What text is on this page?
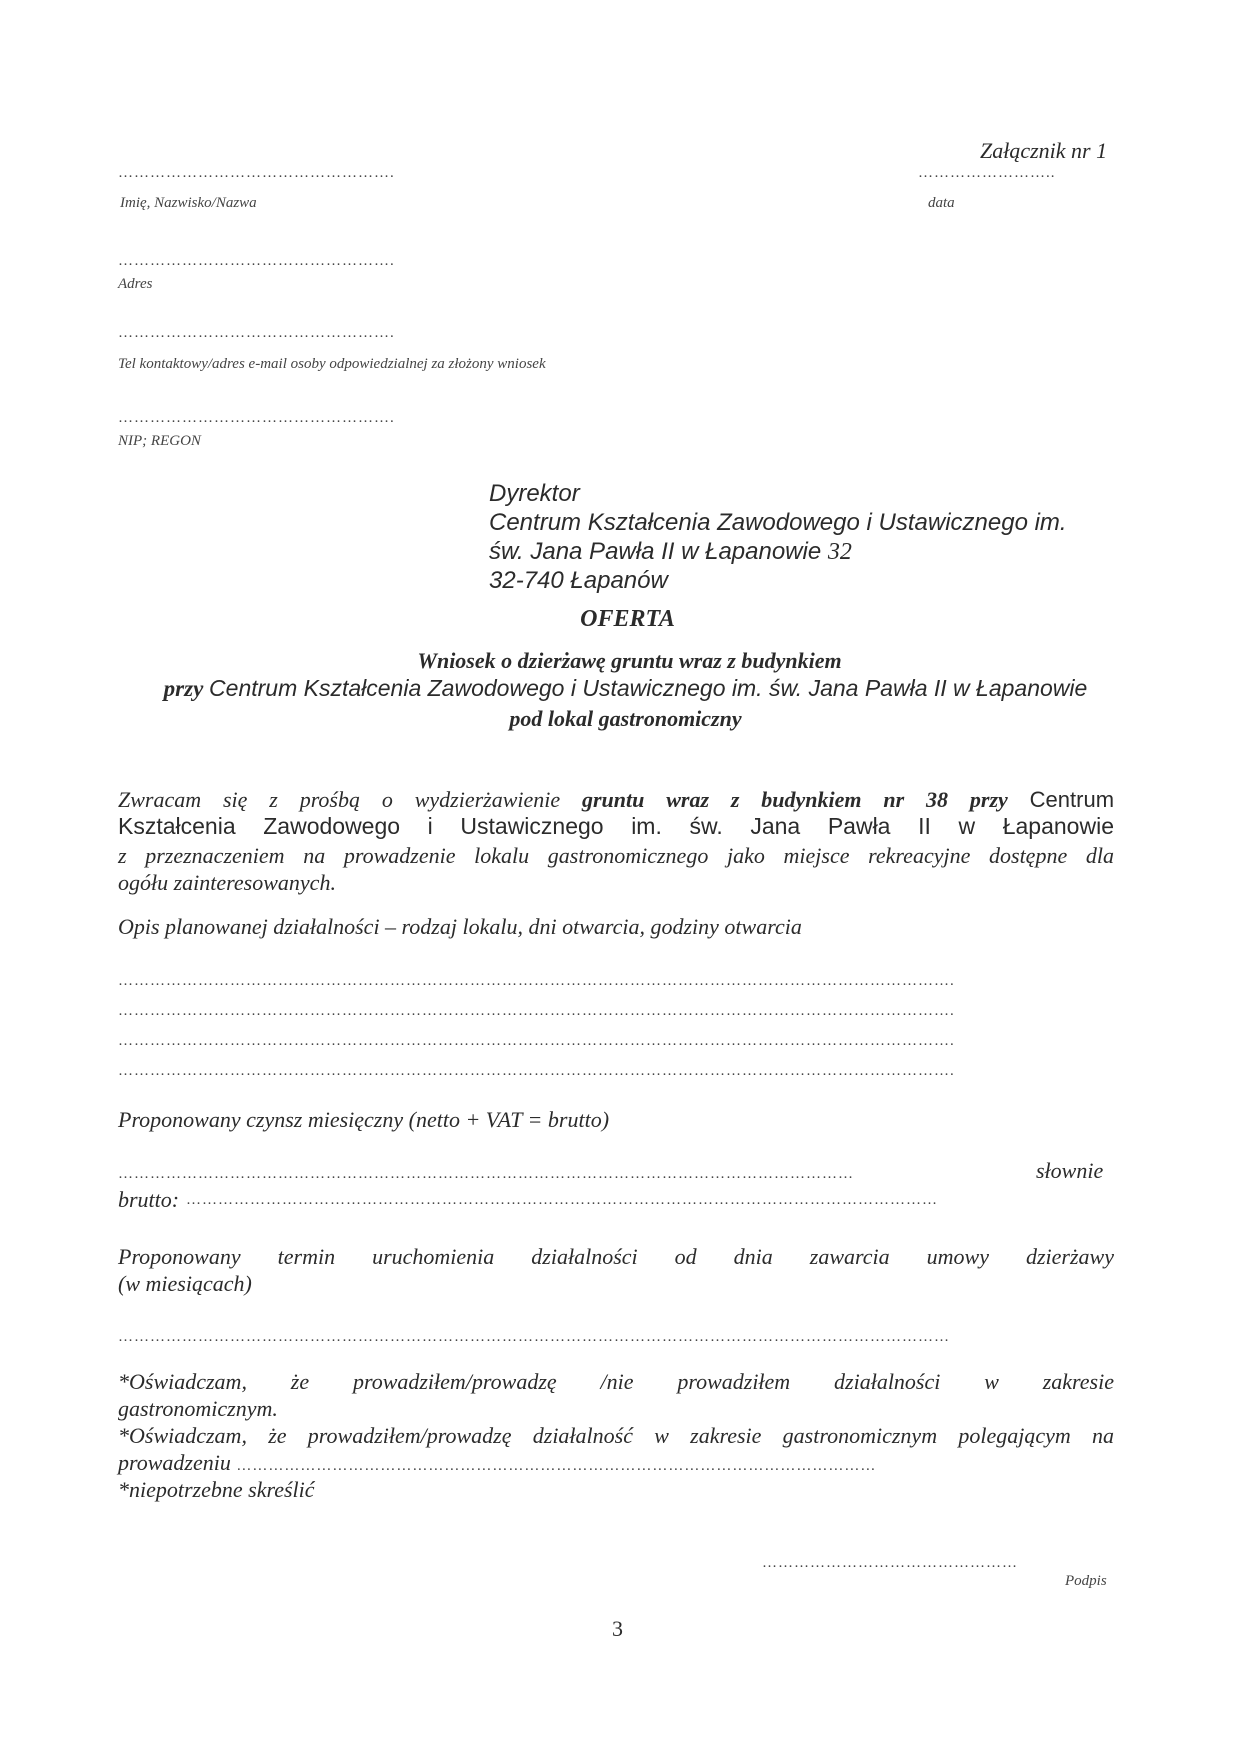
Załącznik nr 1
…………………………………………….
Imię, Nazwisko/Nazwa
……………………..
data
…………………………………………….
Adres
…………………………………………….
Tel kontaktowy/adres e-mail osoby odpowiedzialnej za złożony wniosek
…………………………………………….
NIP; REGON
Dyrektor
Centrum Kształcenia Zawodowego i Ustawicznego im.
św. Jana Pawła II w Łapanowie 32
32-740 Łapanów
OFERTA
Wniosek o dzierżawę gruntu wraz z budynkiem
przy Centrum Kształcenia Zawodowego i Ustawicznego im. św. Jana Pawła II w Łapanowie
pod lokal gastronomiczny
Zwracam się z prośbą o wydzierżawienie gruntu wraz z budynkiem nr 38 przy Centrum
Kształcenia Zawodowego i Ustawicznego im. św. Jana Pawła II w Łapanowie
z przeznaczeniem na prowadzenie lokalu gastronomicznego jako miejsce rekreacyjne dostępne dla
ogółu zainteresowanych.
Opis planowanej działalności – rodzaj lokalu, dni otwarcia, godziny otwarcia
………………………………………………………………………………………………………………………………………….
………………………………………………………………………………………………………………………………………….
………………………………………………………………………………………………………………………………………….
………………………………………………………………………………………………………………………………………….
Proponowany czynsz miesięczny (netto + VAT = brutto)
…………………………………………………………………………………………………………………………	słownie
brutto: ……………………………………………………………………………………………………………………………
Proponowany termin uruchomienia działalności od dnia zawarcia umowy dzierżawy
(w miesiącach)
…………………………………………………………………………………………………………………………………………
*Oświadczam, że prowadziłem/prowadzę /nie prowadziłem działalności w zakresie
gastronomicznym.
*Oświadczam, że prowadziłem/prowadzę działalność w zakresie gastronomicznym polegającym na
prowadzeniu …………………………………………………………………………………………………………
*niepotrzebne skreślić
…………………………………………
Podpis
3
